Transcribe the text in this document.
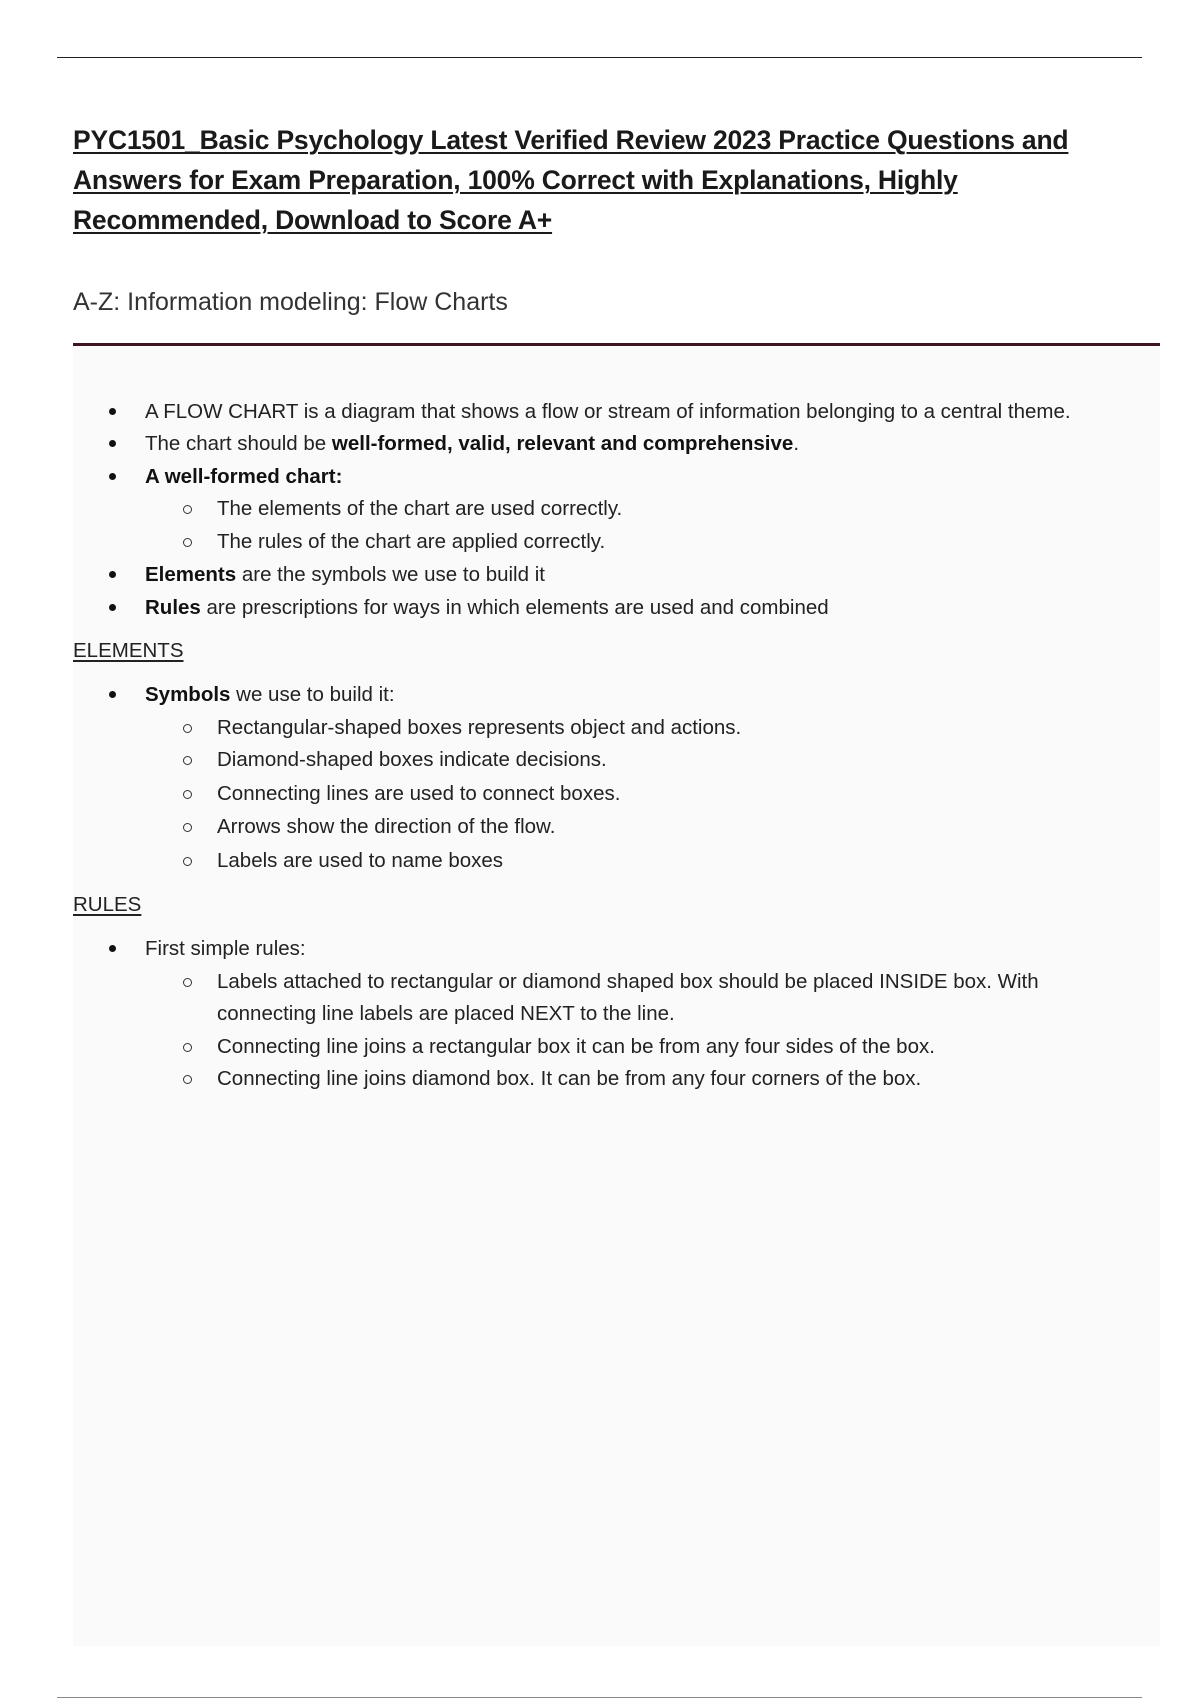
PYC1501_Basic Psychology Latest Verified Review 2023 Practice Questions and Answers for Exam Preparation, 100% Correct with Explanations, Highly Recommended, Download to Score A+
A-Z: Information modeling: Flow Charts
A FLOW CHART is a diagram that shows a flow or stream of information belonging to a central theme.
The chart should be well-formed, valid, relevant and comprehensive.
A well-formed chart:
The elements of the chart are used correctly.
The rules of the chart are applied correctly.
Elements are the symbols we use to build it
Rules are prescriptions for ways in which elements are used and combined
ELEMENTS
Symbols we use to build it:
Rectangular-shaped boxes represents object and actions.
Diamond-shaped boxes indicate decisions.
Connecting lines are used to connect boxes.
Arrows show the direction of the flow.
Labels are used to name boxes
RULES
First simple rules:
Labels attached to rectangular or diamond shaped box should be placed INSIDE box. With
connecting line labels are placed NEXT to the line.
Connecting line joins a rectangular box it can be from any four sides of the box.
Connecting line joins diamond box. It can be from any four corners of the box.
